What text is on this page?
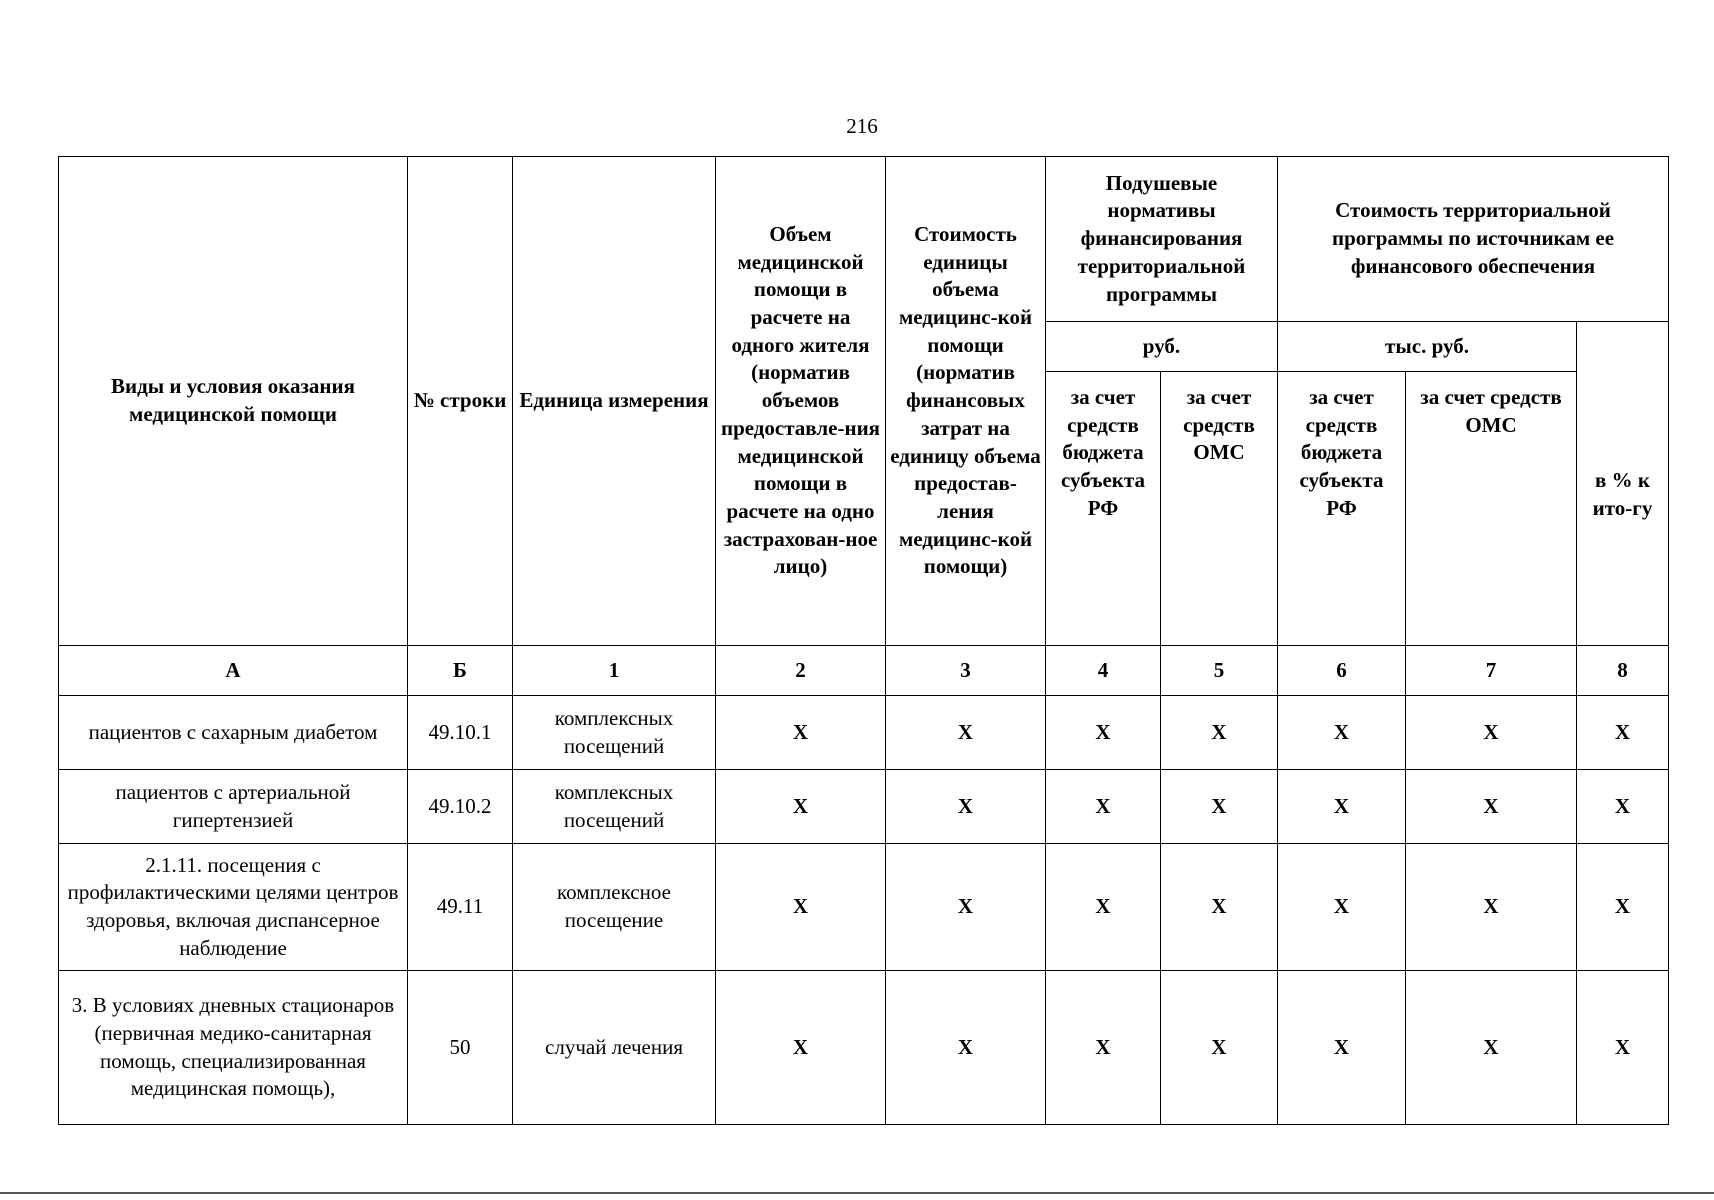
216
Виды и условия оказания медицинской помощи	№ строки	Единица измерения	Объем медицинской помощи в расчете на одного жителя (норматив объемов предоставле-ния медицинской помощи в расчете на одно застрахован-ное лицо)	Стоимость единицы объема медицинс-кой помощи (норматив финансовых затрат на единицу объема предостав-ления медицинс-кой помощи)	Подушевые нормативы финансирования территориальной программы		Стоимость территориальной программы по источникам ее финансового обеспечения		
					руб.		тыс. руб.		в % к ито-гу
					за счет средств бюджета субъекта РФ	за счет средств ОМС	за счет средств бюджета субъекта РФ	за счет средств ОМС	
А	Б	1	2	3	4	5	6	7	8
пациентов с сахарным диабетом	49.10.1	комплексных посещений	Х	Х	Х	Х	Х	Х	Х
пациентов с артериальной гипертензией	49.10.2	комплексных посещений	Х	Х	Х	Х	Х	Х	Х
2.1.11. посещения с профилактическими целями центров здоровья, включая диспансерное наблюдение	49.11	комплексное посещение	Х	Х	Х	Х	Х	Х	Х
3. В условиях дневных стационаров (первичная медико-санитарная помощь, специализированная медицинская помощь),	50	случай лечения	Х	Х	Х	Х	Х	Х	Х
